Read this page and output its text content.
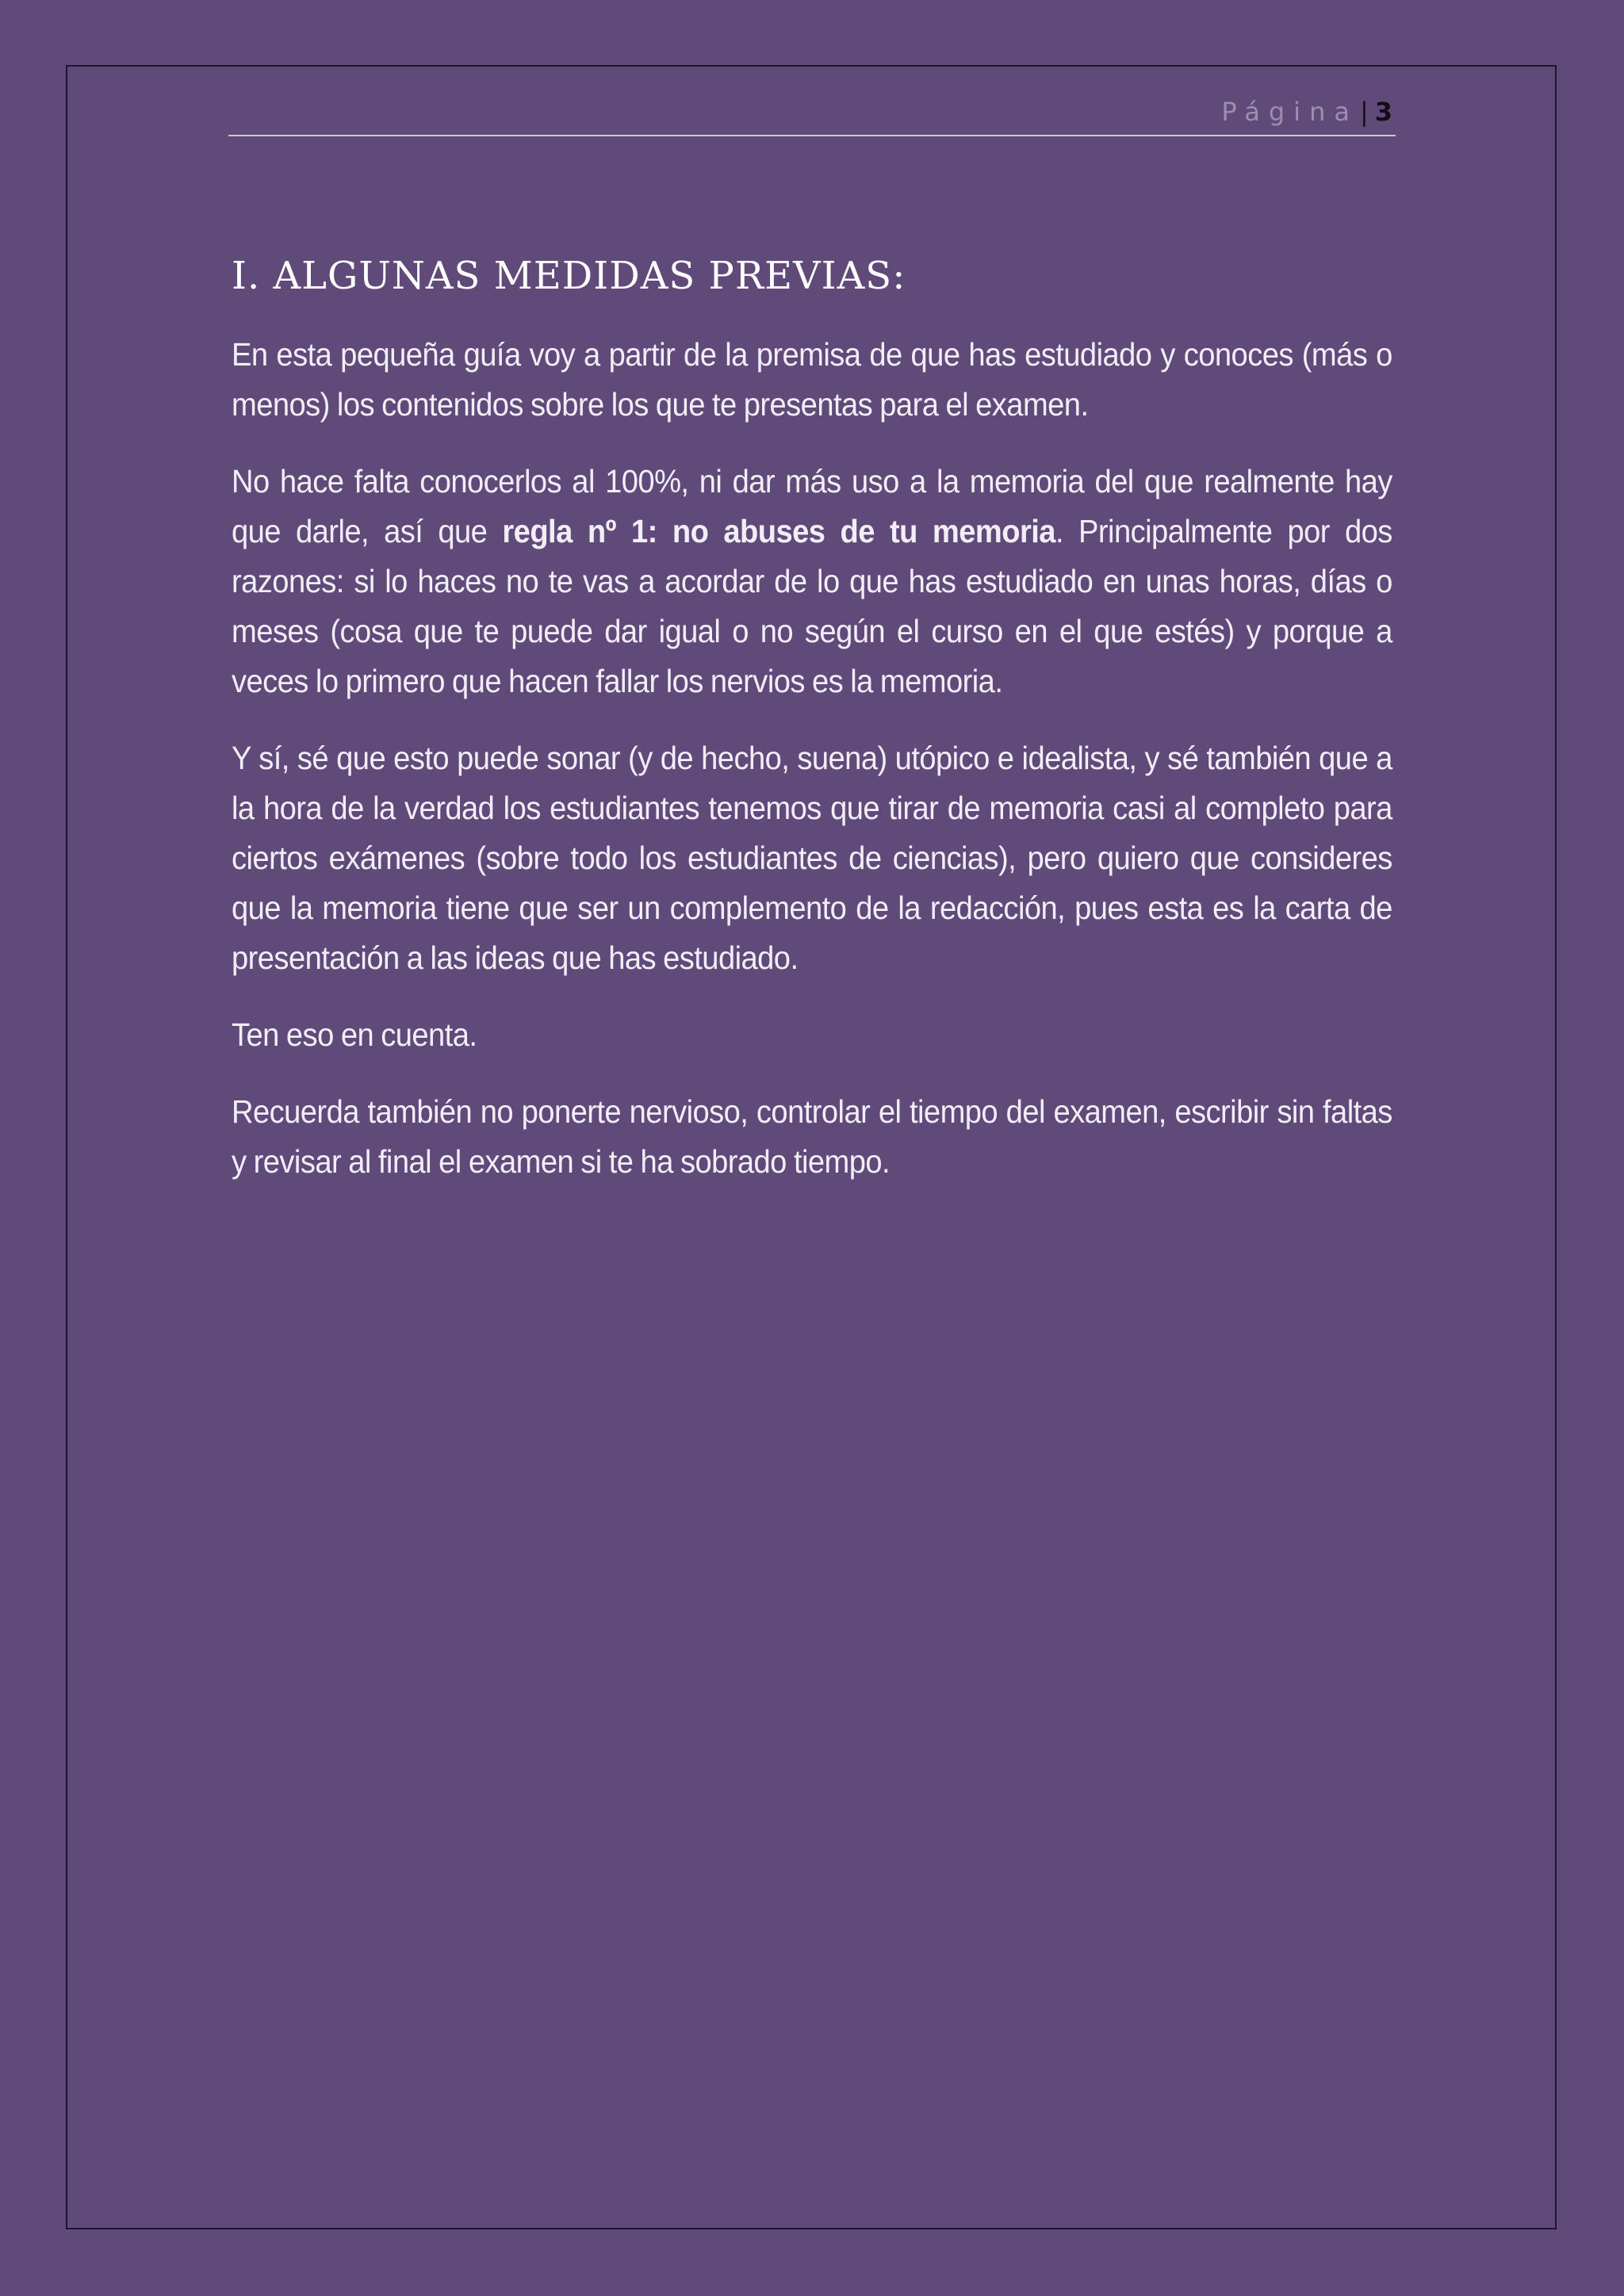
Página| 3
I. ALGUNAS MEDIDAS PREVIAS:

En esta pequeña guía voy a partir de la premisa de que has estudiado y conoces (más o menos) los contenidos sobre los que te presentas para el examen.

No hace falta conocerlos al 100%, ni dar más uso a la memoria del que realmente hay que darle, así que regla nº 1: no abuses de tu memoria. Principalmente por dos razones: si lo haces no te vas a acordar de lo que has estudiado en unas horas, días o meses (cosa que te puede dar igual o no según el curso en el que estés) y porque a veces lo primero que hacen fallar los nervios es la memoria.

Y sí, sé que esto puede sonar (y de hecho, suena) utópico e idealista, y sé también que a la hora de la verdad los estudiantes tenemos que tirar de memoria casi al completo para ciertos exámenes (sobre todo los estudiantes de ciencias), pero quiero que consideres que la memoria tiene que ser un complemento de la redacción, pues esta es la carta de presentación a las ideas que has estudiado.

Ten eso en cuenta.

Recuerda también no ponerte nervioso, controlar el tiempo del examen, escribir sin faltas y revisar al final el examen si te ha sobrado tiempo.
